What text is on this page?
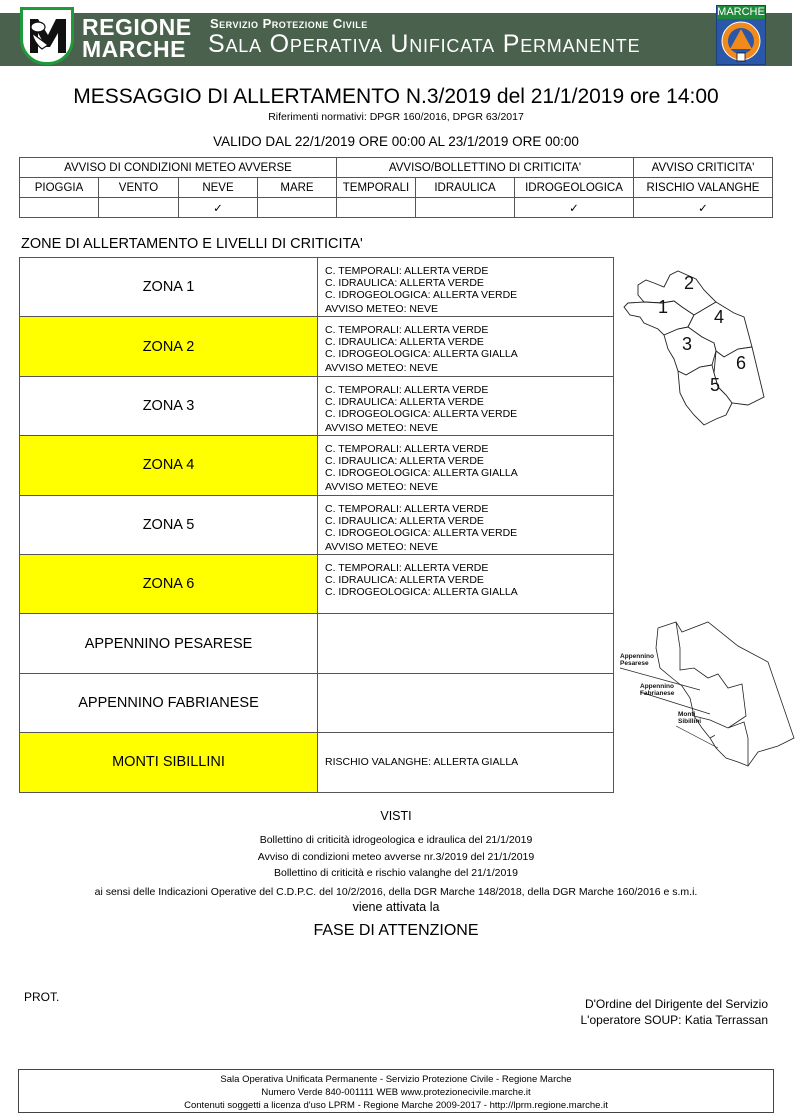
REGIONE
MARCHE
Servizio Protezione Civile
Sala Operativa Unificata Permanente
MARCHE
MESSAGGIO DI ALLERTAMENTO N.3/2019 del 21/1/2019 ore 14:00
Riferimenti normativi: DPGR 160/2016, DPGR 63/2017
VALIDO DAL 22/1/2019 ORE 00:00 AL 23/1/2019 ORE 00:00
AVVISO DI CONDIZIONI METEO AVVERSE				AVVISO/BOLLETTINO DI CRITICITA'			AVVISO CRITICITA'
PIOGGIA	VENTO	NEVE	MARE	TEMPORALI	IDRAULICA	IDROGEOLOGICA	RISCHIO VALANGHE
		✓				✓	✓
ZONE DI ALLERTAMENTO E LIVELLI DI CRITICITA'
ZONA 1	C. TEMPORALI: ALLERTA VERDE
C. IDRAULICA: ALLERTA VERDE
C. IDROGEOLOGICA: ALLERTA VERDE
AVVISO METEO: NEVE

ZONA 2	C. TEMPORALI: ALLERTA VERDE
C. IDRAULICA: ALLERTA VERDE
C. IDROGEOLOGICA: ALLERTA GIALLA
AVVISO METEO: NEVE

ZONA 3	C. TEMPORALI: ALLERTA VERDE
C. IDRAULICA: ALLERTA VERDE
C. IDROGEOLOGICA: ALLERTA VERDE
AVVISO METEO: NEVE

ZONA 4	C. TEMPORALI: ALLERTA VERDE
C. IDRAULICA: ALLERTA VERDE
C. IDROGEOLOGICA: ALLERTA GIALLA
AVVISO METEO: NEVE

ZONA 5	C. TEMPORALI: ALLERTA VERDE
C. IDRAULICA: ALLERTA VERDE
C. IDROGEOLOGICA: ALLERTA VERDE
AVVISO METEO: NEVE

ZONA 6	C. TEMPORALI: ALLERTA VERDE
C. IDRAULICA: ALLERTA VERDE
C. IDROGEOLOGICA: ALLERTA GIALLA

APPENNINO PESARESE	
APPENNINO FABRIANESE	
MONTI SIBILLINI	RISCHIO VALANGHE: ALLERTA GIALLA
1
2
3
4
5
6
Appennino
Pesarese
Appennino
Fabrianese
Monti
Sibillini
VISTI
Bollettino di criticità idrogeologica e idraulica del 21/1/2019
Avviso di condizioni meteo avverse nr.3/2019 del 21/1/2019
Bollettino di criticità e rischio valanghe del 21/1/2019
ai sensi delle Indicazioni Operative del C.D.P.C. del 10/2/2016, della DGR Marche 148/2018, della DGR Marche 160/2016 e s.m.i.
viene attivata la
FASE DI ATTENZIONE
PROT.	D'Ordine del Dirigente del Servizio
L'operatore SOUP: Katia Terrassan
Sala Operativa Unificata Permanente - Servizio Protezione Civile - Regione Marche
Numero Verde 840-001111 WEB www.protezionecivile.marche.it
Contenuti soggetti a licenza d'uso LPRM - Regione Marche 2009-2017 - http://lprm.regione.marche.it
